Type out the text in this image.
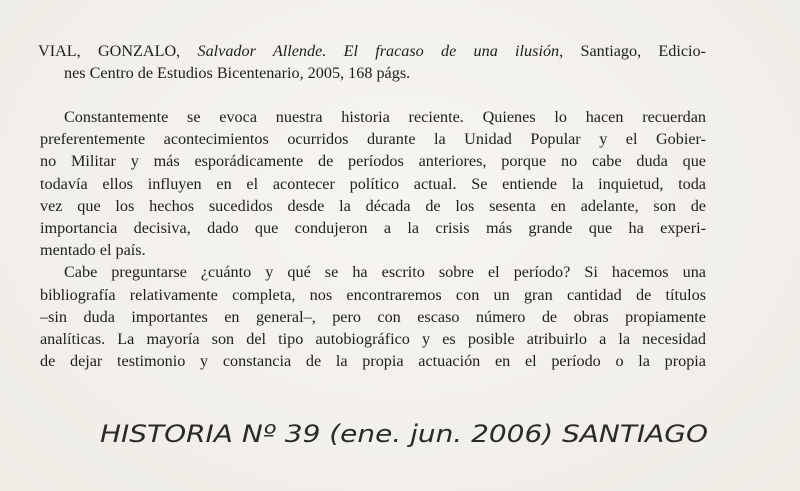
VIAL, GONZALO, Salvador Allende. El fracaso de una ilusión, Santiago, Edicio-
nes Centro de Estudios Bicentenario, 2005, 168 págs.
Constantemente se evoca nuestra historia reciente. Quienes lo hacen recuerdan
preferentemente acontecimientos ocurridos durante la Unidad Popular y el Gobier-
no Militar y más esporádicamente de períodos anteriores, porque no cabe duda que
todavía ellos influyen en el acontecer político actual. Se entiende la inquietud, toda
vez que los hechos sucedidos desde la década de los sesenta en adelante, son de
importancia decisiva, dado que condujeron a la crisis más grande que ha experi-
mentado el país.
Cabe preguntarse ¿cuánto y qué se ha escrito sobre el período? Si hacemos una
bibliografía relativamente completa, nos encontraremos con un gran cantidad de títulos
–sin duda importantes en general–, pero con escaso número de obras propiamente
analíticas. La mayoría son del tipo autobiográfico y es posible atribuirlo a la necesidad
de dejar testimonio y constancia de la propia actuación en el período o la propia
HISTORIA Nº 39 (ene. jun. 2006) SANTIAGO
